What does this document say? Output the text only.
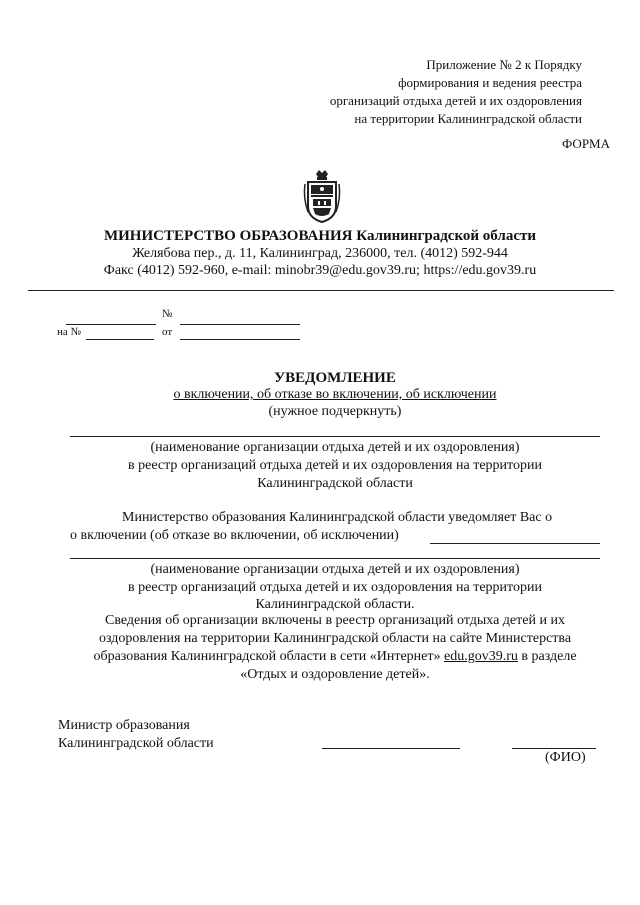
Приложение № 2 к Порядку
формирования и ведения реестра
организаций отдыха детей и их оздоровления
на территории Калининградской области
ФОРМА
МИНИСТЕРСТВО ОБРАЗОВАНИЯ Калининградской области
Желябова пер., д. 11, Калининград, 236000, тел. (4012) 592-944
Факс (4012) 592-960, e-mail: minobr39@edu.gov39.ru; https://edu.gov39.ru
№
на №	от
УВЕДОМЛЕНИЕ
о включении, об отказе во включении, об исключении
(нужное подчеркнуть)
(наименование организации отдыха детей и их оздоровления)
в реестр организаций отдыха детей и их оздоровления на территории
Калининградской области
Министерство образования Калининградской области уведомляет Вас о
о включении (об отказе во включении, об исключении)
(наименование организации отдыха детей и их оздоровления)
в реестр организаций отдыха детей и их оздоровления на территории
Калининградской области.
Сведения об организации включены в реестр организаций отдыха детей и их
оздоровления на территории Калининградской области на сайте Министерства
образования Калининградской области в сети «Интернет» edu.gov39.ru в разделе
«Отдых и оздоровление детей».
Министр образования
Калининградской области
(ФИО)
